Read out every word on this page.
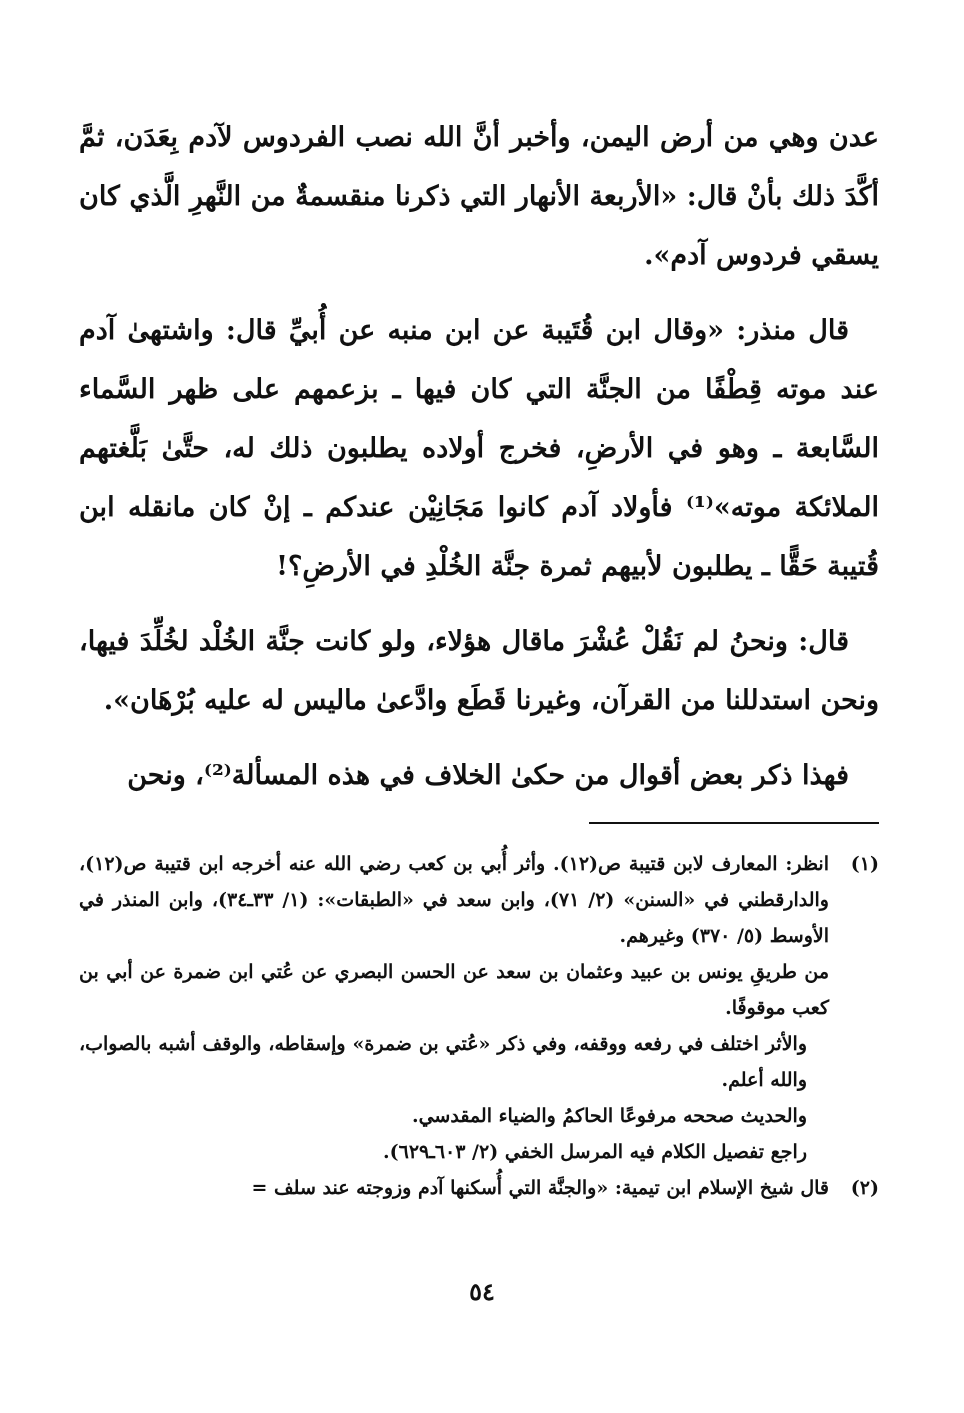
عدن وهي من أرض اليمن، وأخبر أنَّ الله نصب الفردوس لآدم بِعَدَن، ثمَّ أكَّدَ ذلك بأنْ قال: «الأربعة الأنهار التي ذكرنا منقسمةٌ من النَّهرِ الَّذي كان يسقي فردوس آدم».

قال منذر: «وقال ابن قُتَيبة عن ابن منبه عن أُبيِّ قال: واشتهىٰ آدم عند موته قِطْفًا من الجنَّة التي كان فيها ـ بزعمهم على ظهر السَّماء السَّابعة ـ وهو في الأرضِ، فخرج أولاده يطلبون ذلك له، حتَّىٰ بَلَّغتهم الملائكة موته»⁽¹⁾ فأولاد آدم كانوا مَجَانِيْن عندكم ـ إنْ كان مانقله ابن قُتيبة حَقًّا ـ يطلبون لأبيهم ثمرة جنَّة الخُلْدِ في الأرضِ؟!

قال: ونحنُ لم نَقُلْ عُشْرَ ماقال هؤلاء، ولو كانت جنَّة الخُلْد لخُلِّدَ فيها، ونحن استدللنا من القرآن، وغيرنا قَطَع وادَّعىٰ ماليس له عليه بُرْهَان».

فهذا ذكر بعض أقوال من حكىٰ الخلاف في هذه المسألة⁽²⁾، ونحن

(١)

انظر: المعارف لابن قتيبة ص(١٢). وأثر أُبي بن كعب رضي الله عنه أخرجه ابن قتيبة ص(١٢)، والدارقطني في «السنن» (٢/ ٧١)، وابن سعد في «الطبقات»: (١/ ٣٣ـ٣٤)، وابن المنذر في الأوسط (٥/ ٣٧٠) وغيرهم.

من طريقِ يونس بن عبيد وعثمان بن سعد عن الحسن البصري عن عُتي ابن ضمرة عن أبي بن كعب موقوفًا.

والأثر اختلف في رفعه ووقفه، وفي ذكر «عُتي بن ضمرة» وإسقاطه، والوقف أشبه بالصواب، والله أعلم.

والحديث صححه مرفوعًا الحاكمُ والضياء المقدسي.

راجع تفصيل الكلام فيه المرسل الخفي (٢/ ٦٠٣ـ٦٢٩).

(٢)

قال شيخ الإسلام ابن تيمية: «والجنَّة التي أُسكنها آدم وزوجته عند سلف =

٥٤
